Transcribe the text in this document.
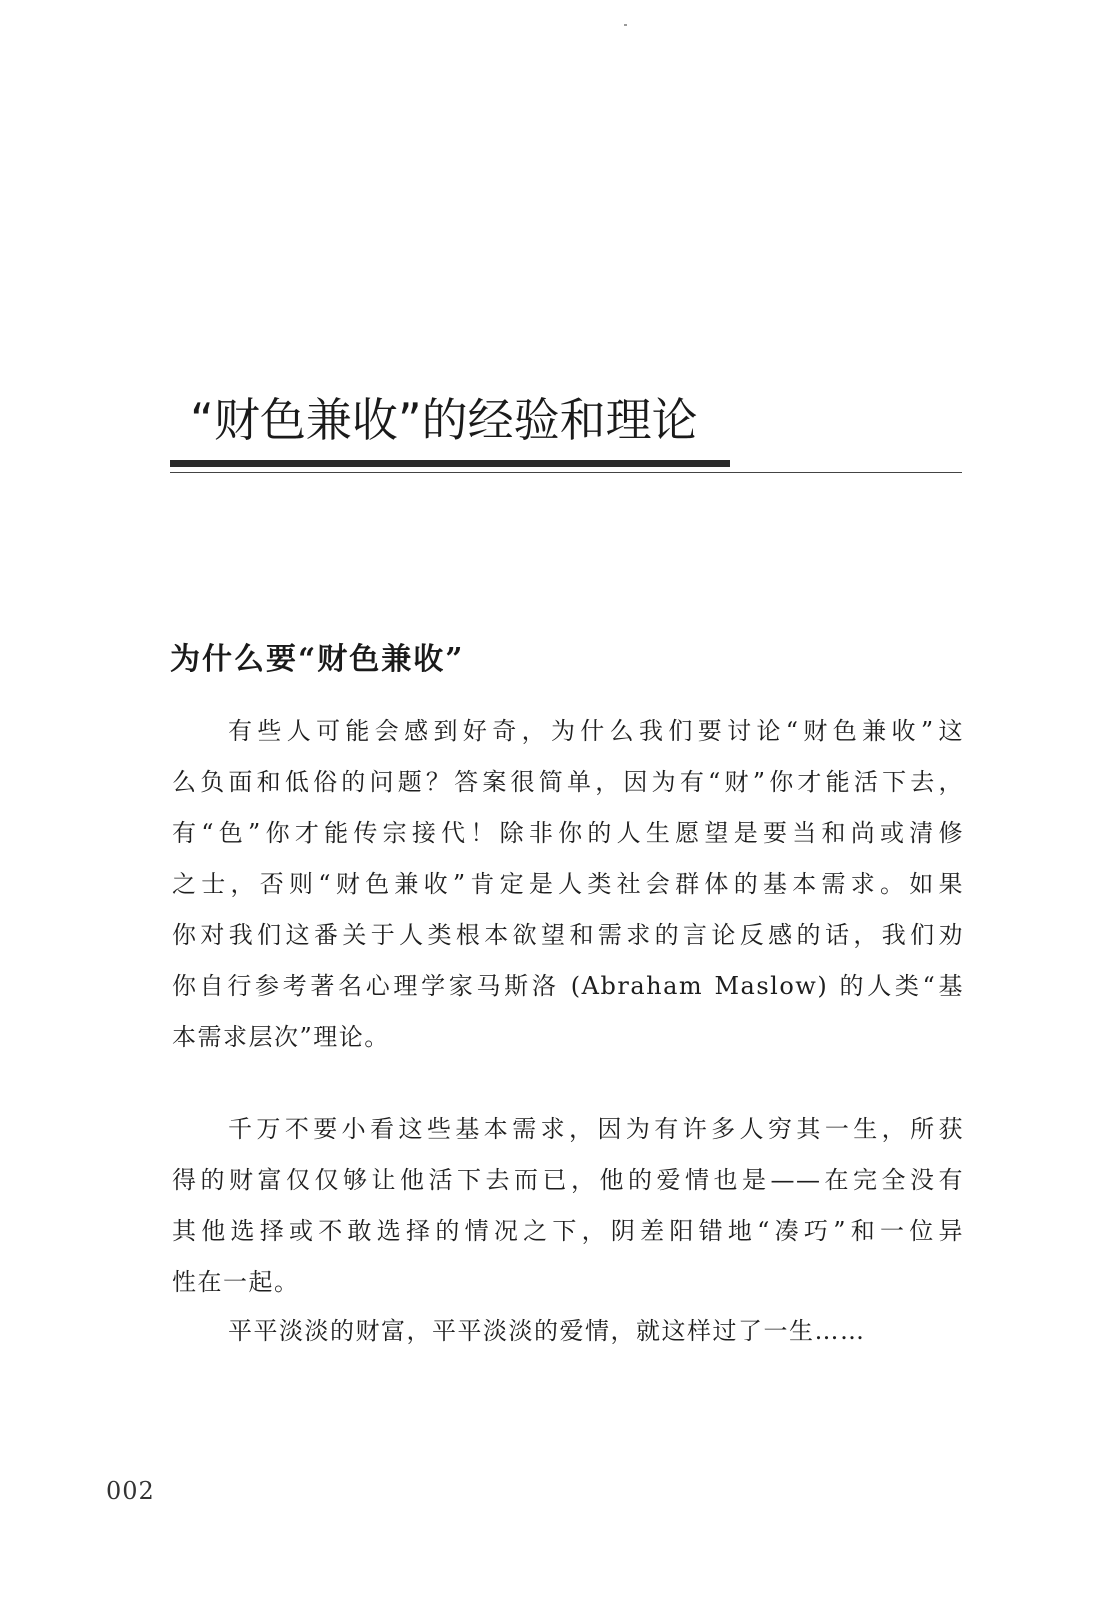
“财色兼收”的经验和理论
为什么要“财色兼收”
有些人可能会感到好奇，为什么我们要讨论“财色兼收”这
么负面和低俗的问题？答案很简单，因为有“财”你才能活下去，
有“色”你才能传宗接代！除非你的人生愿望是要当和尚或清修
之士，否则“财色兼收”肯定是人类社会群体的基本需求。如果
你对我们这番关于人类根本欲望和需求的言论反感的话，我们劝
你自行参考著名心理学家马斯洛 (Abraham Maslow) 的人类“基
本需求层次”理论。
千万不要小看这些基本需求，因为有许多人穷其一生，所获
得的财富仅仅够让他活下去而已，他的爱情也是——在完全没有
其他选择或不敢选择的情况之下，阴差阳错地“凑巧”和一位异
性在一起。
平平淡淡的财富，平平淡淡的爱情，就这样过了一生……
002
